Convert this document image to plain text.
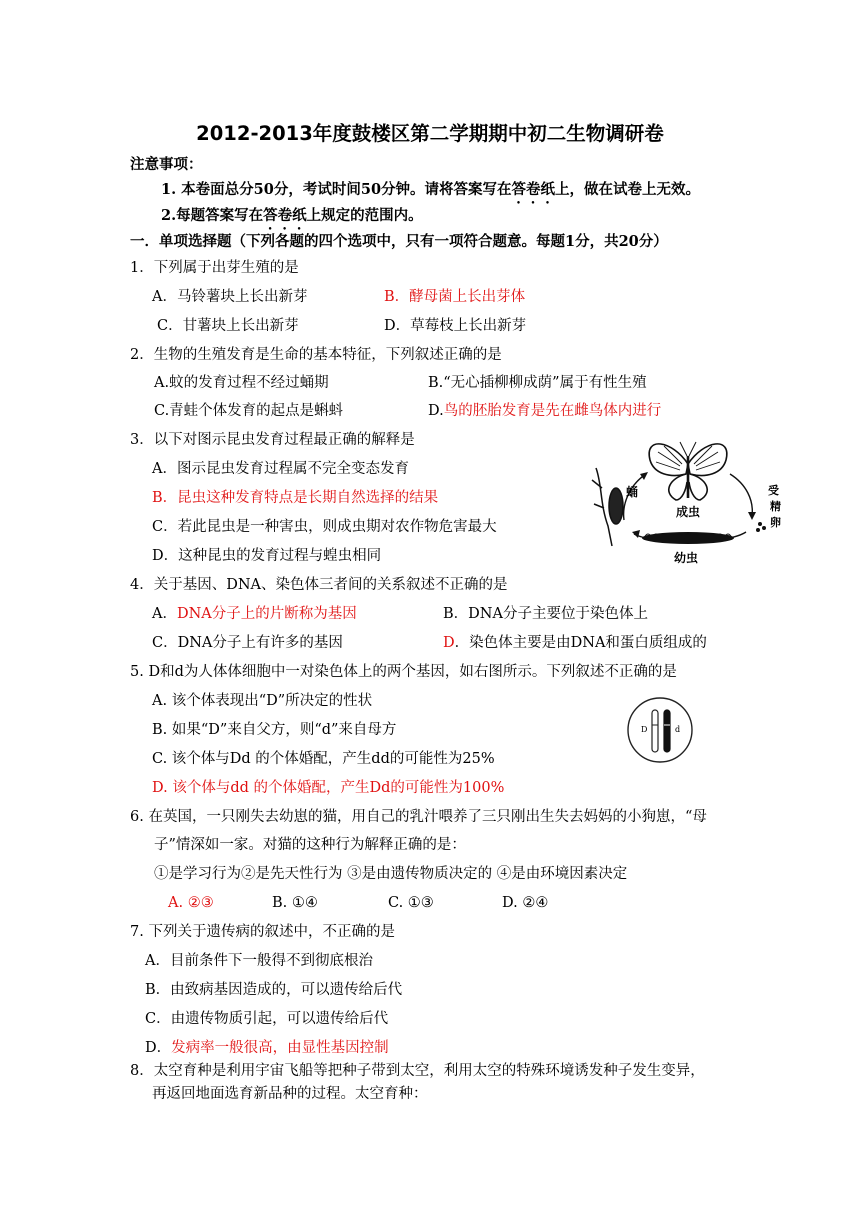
2012-2013年度鼓楼区第二学期期中初二生物调研卷
注意事项：
1. 本卷面总分50分，考试时间50分钟。请将答案写在答卷纸上，做在试卷上无效。
2.每题答案写在答卷纸上规定的范围内。
一．单项选择题（下列各题的四个选项中，只有一项符合题意。每题1分，共20分）
1．下列属于出芽生殖的是
A．马铃薯块上长出新芽	B．酵母菌上长出芽体
C．甘薯块上长出新芽	D．草莓枝上长出新芽
2．生物的生殖发育是生命的基本特征，下列叙述正确的是
A.蚊的发育过程不经过蛹期	B.“无心插柳柳成荫”属于有性生殖
C.青蛙个体发育的起点是蝌蚪	D.鸟的胚胎发育是先在雌鸟体内进行
3．以下对图示昆虫发育过程最正确的解释是
A．图示昆虫发育过程属不完全变态发育
B．昆虫这种发育特点是长期自然选择的结果
C．若此昆虫是一种害虫，则成虫期对农作物危害最大
D．这种昆虫的发育过程与蝗虫相同
蛹
成虫
受
精
卵
幼虫
4．关于基因、DNA、染色体三者间的关系叙述不正确的是
A．DNA分子上的片断称为基因	B．DNA分子主要位于染色体上
C．DNA分子上有许多的基因	D．染色体主要是由DNA和蛋白质组成的
5. D和d为人体体细胞中一对染色体上的两个基因，如右图所示。下列叙述不正确的是
A. 该个体表现出“D”所决定的性状
B. 如果“D”来自父方，则“d”来自母方
C. 该个体与Dd 的个体婚配，产生dd的可能性为25%
D. 该个体与dd 的个体婚配，产生Dd的可能性为100%
D	d
6. 在英国，一只刚失去幼崽的猫，用自己的乳汁喂养了三只刚出生失去妈妈的小狗崽，“母
子”情深如一家。对猫的这种行为解释正确的是：
①是学习行为②是先天性行为 ③是由遗传物质决定的 ④是由环境因素决定
A. ②③	B. ①④	C. ①③	D. ②④
7. 下列关于遗传病的叙述中，不正确的是
A．目前条件下一般得不到彻底根治
B．由致病基因造成的，可以遗传给后代
C．由遗传物质引起，可以遗传给后代
D．发病率一般很高，由显性基因控制
8．太空育种是利用宇宙飞船等把种子带到太空，利用太空的特殊环境诱发种子发生变异，
再返回地面选育新品种的过程。太空育种：
